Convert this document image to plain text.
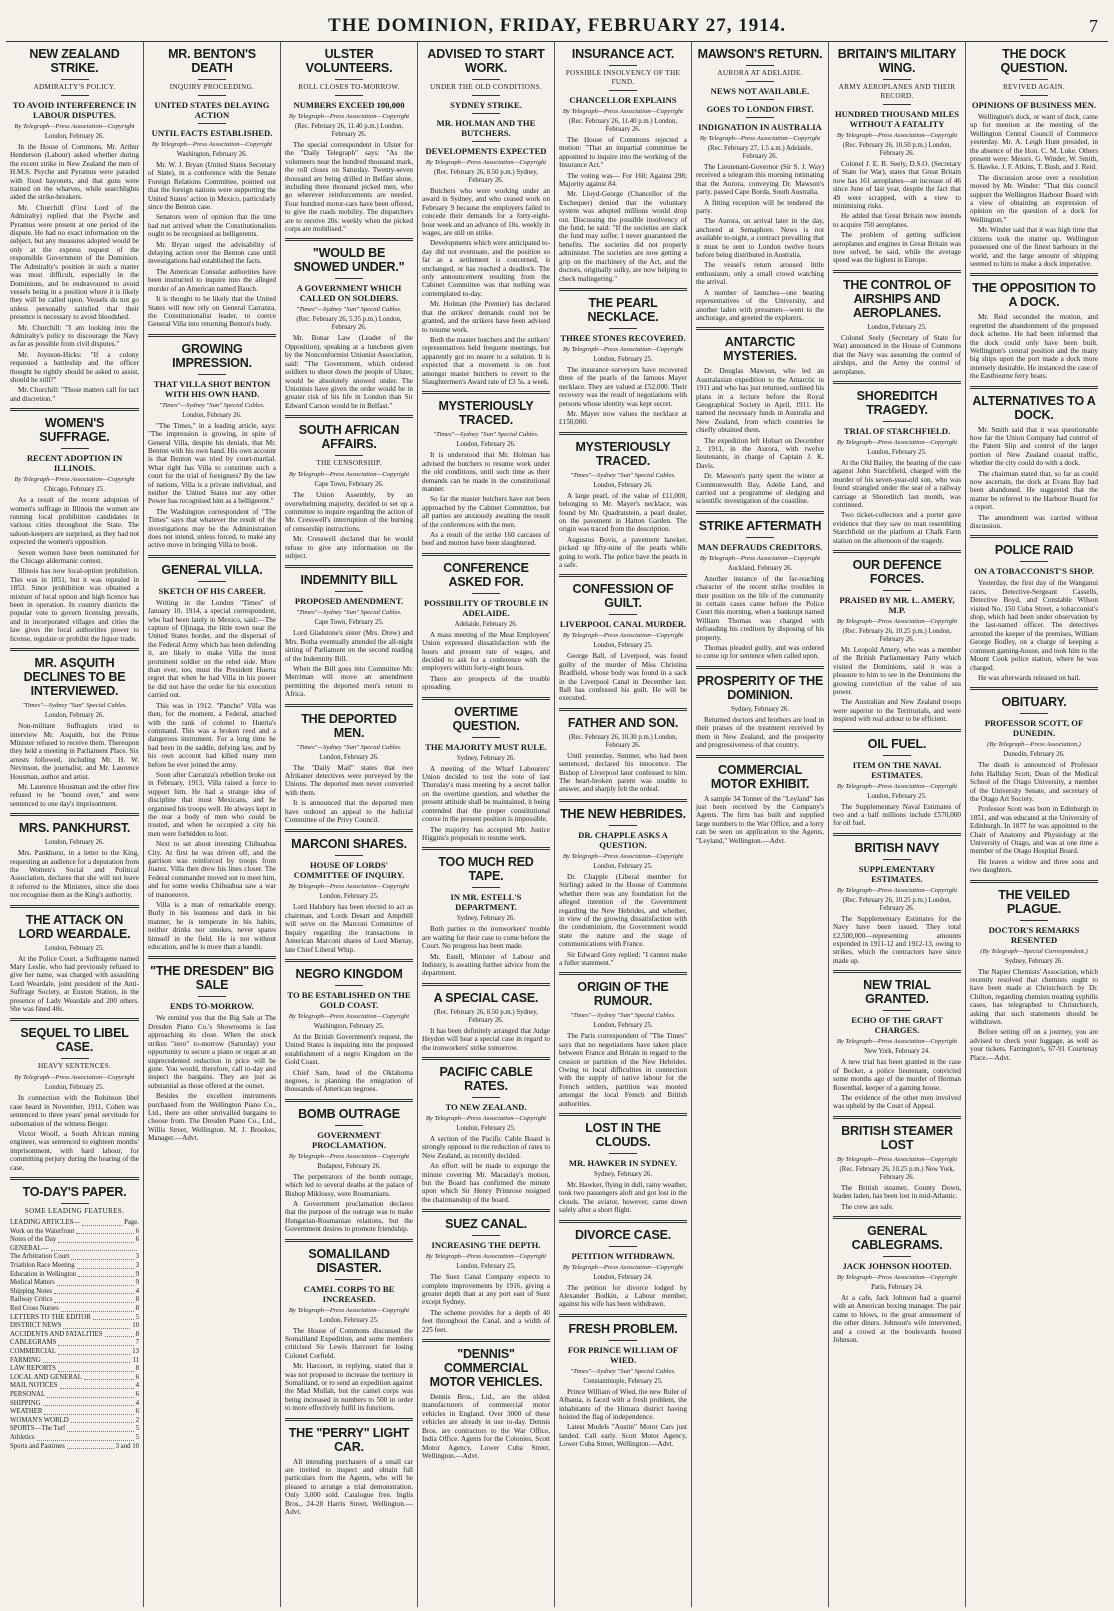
THE DOMINION, FRIDAY, FEBRUARY 27, 1914.	7
NEW ZEALAND STRIKE.
ADMIRALTY'S POLICY.
TO AVOID INTERFERENCE IN LABOUR DISPUTES.
By Telegraph—Press Association—Copyright
London, February 26.

In the House of Commons, Mr. Arthur Henderson (Labour) asked whether during the recent strike in New Zealand the men of H.M.S. Psyche and Pyramus were paraded with fixed bayonets, and that guns were trained on the wharves, while searchlights aided the strike-breakers.

Mr. Churchill (First Lord of the Admiralty) replied that the Psyche and Pyramus were present at one period of the dispute. He had no exact information on the subject, but any measures adopted would be only at the express request of the responsible Government of the Dominion. The Admiralty's position in such a matter was most difficult, especially in the Dominions, and he endeavoured to avoid vessels being in a position where it is likely they will be called upon. Vessels do not go unless personally satisfied that their presence is necessary to avoid bloodshed.

Mr. Churchill: "I am looking into the Admiralty's policy to discourage the Navy as far as possible from civil disputes."

Mr. Joynson-Hicks: "If a colony requested a battleship and the officer thought he rightly should be asked to assist, should he still?"

Mr. Churchill: "Those matters call for tact and discretion."

WOMEN'S SUFFRAGE.
RECENT ADOPTION IN ILLINOIS.
By Telegraph—Press Association—Copyright
Chicago, February 25.

As a result of the recent adoption of women's suffrage in Illinois the women are running local prohibition candidates in various cities throughout the State. The saloon-keepers are surprised, as they had not expected the women's opposition.

Seven women have been nominated for the Chicago aldermanic contest.

Illinois has now local-option prohibition. This was in 1851, but it was repealed in 1853. Since prohibition was obtained a mixture of local option and high licence has been in operation. In country districts the popular vote to govern licensing prevails, and in incorporated villages and cities the law gives the local authorities power to license, regulate or prohibit the liquor trade.

MR. ASQUITH DECLINES TO BE INTERVIEWED.
"Times"—Sydney "Sun" Special Cables.
London, February 26.

Non-militant Suffragists tried to interview Mr. Asquith, but the Prime Minister refused to receive them. Thereupon they held a meeting in Parliament Place. Six arrests followed, including Mr. H. W. Nevinson, the journalist, and Mr. Laurence Housman, author and artist.

Mr. Laurence Housman and the other five refused to be "bound over," and were sentenced to one day's imprisonment.

MRS. PANKHURST.
London, February 26.

Mrs. Pankhurst, in a letter to the King, requesting an audience for a deputation from the Women's Social and Political Association, declares that she will not leave it referred to the Ministers, since she does not recognise them as the King's authority.

THE ATTACK ON LORD WEARDALE.
London, February 25.

At the Police Court, a Suffragette named Mary Leslie, who had previously refused to give her name, was charged with assaulting Lord Weardale, joint president of the Anti-Suffrage Society, at Euston Station, in the presence of Lady Weardale and 200 others. She was fined 40s.

SEQUEL TO LIBEL CASE.
HEAVY SENTENCES.
By Telegraph—Press Association—Copyright
London, February 25.

In connection with the Robinson libel case heard in November, 1911, Cohen was sentenced to three years' penal servitude for subornation of the witness Berger.

Victor Woolf, a South African mining engineer, was sentenced to eighteen months' imprisonment, with hard labour, for committing perjury during the hearing of the case.

TO-DAY'S PAPER.
SOME LEADING FEATURES.
LEADING ARTICLES—	Page.
Work on the Waterfront	6
Notes of the Day	6
GENERAL—
The Arbitration Court	3
Triathlon Race Meeting	3
Education in Wellington	9
Medical Matters	9
Shipping Notes	4
Railway Critics	8
Red Cross Nurses	8
LETTERS TO THE EDITOR	5
DISTRICT NEWS	10
ACCIDENTS AND FATALITIES	8
CABLEGRAMS	7
COMMERCIAL	13
FARMING	11
LAW REPORTS	8
LOCAL AND GENERAL	6
MAIL NOTICES	4
PERSONAL	6
SHIPPING	4
WEATHER	6
WOMAN'S WORLD	2
SPORTS—The Turf	5
Athletics	5
Sports and Pastimes	3 and 10
MR. BENTON'S DEATH
INQUIRY PROCEEDING.
UNITED STATES DELAYING ACTION
UNTIL FACTS ESTABLISHED.
By Telegraph—Press Association—Copyright
Washington, February 26.

Mr. W. J. Bryan (United States Secretary of State), in a conference with the Senate Foreign Relations Committee, pointed out that the foreign nations were supporting the United States' action in Mexico, particularly since the Benton case.

Senators were of opinion that the time had not arrived when the Constitutionalists ought to be recognised as belligerents.

Mr. Bryan urged the advisability of delaying action over the Benton case until investigations had established the facts.

The American Consular authorities have been instructed to inquire into the alleged murder of an American named Bauch.

It is thought to be likely that the United States will now rely on General Carranza, the Constitutionalist leader, to coerce General Villa into returning Benton's body.

GROWING IMPRESSION.
THAT VILLA SHOT BENTON WITH HIS OWN HAND.
"Times"—Sydney "Sun" Special Cables.
London, February 26.

"The Times," in a leading article, says: "The impression is growing, in spite of General Villa, despite his denials, that Mr. Benton with his own hand. His own account is that Benton was tried by court-martial. What right has Villa to constitute such a court for the trial of foreigners? By the law of nations, Villa is a private individual, and neither the United States nor any other Power has recognised him as a belligerent."

The Washington correspondent of "The Times" says that whatever the result of the investigations may be the Administration does not intend, unless forced, to make any active move in bringing Villa to book.

GENERAL VILLA.
SKETCH OF HIS CAREER.

Writing in the London "Times" of January 10, 1914, a special correspondent, who had been lately in Mexico, said:—The capture of Ojinaga, the little town near the United States border, and the dispersal of the Federal Army which has been defending it, are likely to make Villa the most prominent soldier on the rebel side. More than ever, too, must the President Huerta regret that when he had Villa in his power he did not have the order for his execution carried out.

This was in 1912. "Pancho" Villa was then, for the moment, a Federal, attached with the rank of colonel to Huerta's command. This was a broken reed and a dangerous instrument. For a long time he had been in the saddle, defying law, and by his own account had killed many men before he ever joined the army.

Soon after Carranza's rebellion broke out in February, 1913, Villa raised a force to support him. He had a strange idea of discipline that most Mexicans, and he organised his troops well. He always kept in the rear a body of men who could be trusted, and when he occupied a city his men were forbidden to loot.

Next to set about investing Chihuahua City. At first he was driven off, and the garrison was reinforced by troops from Juarez. Villa then drew his lines closer. The Federal commander moved out to meet him, and for some weeks Chihuahua saw a war of manoeuvre.

Villa is a man of remarkable energy. Burly in his leanness and dark in his manner, he is temperate in his habits, neither drinks nor smokes, never spares himself in the field. He is not without education, and he is more than a bandit.

"THE DRESDEN" BIG SALE
ENDS TO-MORROW.

We remind you that the Big Sale at The Dresden Piano Co.'s Showrooms is fast approaching its close. When the stock strikes "zero" to-morrow (Saturday) your opportunity to secure a piano or organ at an unprecedented reduction in price will be gone. You would, therefore, call to-day and inspect the bargains. They are just as substantial as those offered at the outset.

Besides the excellent instruments purchased from the Wellington Piano Co., Ltd., there are other unrivalled bargains to choose from. The Dresden Piano Co., Ltd., Willis Street, Wellington. M. J. Brookes, Manager.—Advt.

ULSTER VOLUNTEERS.
ROLL CLOSES TO-MORROW.
NUMBERS EXCEED 100,000
By Telegraph—Press Association—Copyright
(Rec. February 26, 11.40 p.m.) London, February 26.

The special correspondent in Ulster for the "Daily Telegraph" says: "As the volunteers near the hundred thousand mark, the roll closes on Saturday. Twenty-seven thousand are being drilled in Belfast alone, including three thousand picked men, who go wherever reinforcements are needed. Four hundred motor-cars have been offered, to give the roads mobility. The dispatchers are to receive 20s. weekly when the picked corps are mobilised."

"WOULD BE SNOWED UNDER."
A GOVERNMENT WHICH CALLED ON SOLDIERS.
"Times"—Sydney "Sun" Special Cables.
(Rec. February 26, 5.35 p.m.) London, February 26.

Mr. Bonar Law (Leader of the Opposition), speaking at a luncheon given by the Nonconformist Unionist Association, said: "The Government, which ordered soldiers to shoot down the people of Ulster, would be absolutely snowed under. The Unionists have given the order would be in greater risk of his life in London than Sir Edward Carson would be in Belfast."

SOUTH AFRICAN AFFAIRS.
THE CENSORSHIP.
By Telegraph—Press Association—Copyright
Cape Town, February 26.

The Union Assembly, by an overwhelming majority, decided to set up a committee to inquire regarding the action of Mr. Cresswell's interruption of the burning of censorship instructions.

Mr. Cresswell declared that he would refuse to give any information on the subject.

INDEMNITY BILL
PROPOSED AMENDMENT.
"Times"—Sydney "Sun" Special Cables.
Cape Town, February 25.

Lord Gladstone's sister (Mrs. Drew) and Mrs. Botha eventually attended the all-night sitting of Parliament on the second reading of the Indemnity Bill.

When the Bill goes into Committee Mr. Merriman will move an amendment permitting the deported men's return to Africa.

THE DEPORTED MEN.
"Times"—Sydney "Sun" Special Cables.
London, February 26.

The "Daily Mail" states that two Afrikaner detectives were purveyed by the Unions. The deported men never converted with them.

It is announced that the deported men have ordered an appeal to the Judicial Committee of the Privy Council.

MARCONI SHARES.
HOUSE OF LORDS' COMMITTEE OF INQUIRY.
By Telegraph—Press Association—Copyright
London, February 25.

Lord Halsbury has been elected to act as chairman, and Lords Desart and Ampthill will serve on the Marconi Committee of Inquiry regarding the transactions in American Marconi shares of Lord Murray, late Chief Liberal Whip.

NEGRO KINGDOM
TO BE ESTABLISHED ON THE GOLD COAST.
By Telegraph—Press Association—Copyright
Washington, February 25.

At the British Government's request, the United States is inquiring into the proposed establishment of a negro Kingdom on the Gold Coast.

Chief Sam, head of the Oklahoma negroes, is planning the emigration of thousands of American negroes.

BOMB OUTRAGE
GOVERNMENT PROCLAMATION.
By Telegraph—Press Association—Copyright
Budapest, February 26.

The perpetrators of the bomb outrage, which led to several deaths at the palace of Bishop Miklossy, were Roumanians.

A Government proclamation declares that the purpose of the outrage was to make Hungarian-Roumanian relations, but the Government desires to promote friendship.

SOMALILAND DISASTER.
CAMEL CORPS TO BE INCREASED.
By Telegraph—Press Association—Copyright
London, February 25.

The House of Commons discussed the Somaliland Expedition, and some members criticised Sir Lewis Harcourt for losing Colonel Corfield.

Mr. Harcourt, in replying, stated that it was not proposed to increase the territory in Somaliland, or to send an expedition against the Mad Mullah, but the camel corps was being increased in numbers to 500 in order to more effectively fulfil its functions.

THE "PERRY" LIGHT CAR.

All intending purchasers of a small car are invited to inspect and obtain full particulars from the Agents, who will be pleased to arrange a trial demonstration. Only 3,000 sold. Catalogue free. Inglis Bros., 24-28 Harris Street, Wellington.—Advt.

ADVISED TO START WORK.
UNDER THE OLD CONDITIONS.
SYDNEY STRIKE.
MR. HOLMAN AND THE BUTCHERS.
DEVELOPMENTS EXPECTED
By Telegraph—Press Association—Copyright
(Rec. February 26, 8.50 p.m.) Sydney, February 26.

Butchers who were working under an award in Sydney, and who ceased work on February 9 because the employers failed to concede their demands for a forty-eight-hour week and an advance of 10s. weekly in wages, are still on strike.

Developments which were anticipated to-day did not eventuate, and the position so far as a settlement is concerned, is unchanged, or has reached a deadlock. The only announcement resulting from the Cabinet Committee was that nothing was contemplated to-day.

Mr. Holman (the Premier) has declared that the strikers' demands could not be granted, and the strikers have been advised to resume work.

Both the master butchers and the strikers' representatives held frequent meetings, but apparently got no nearer to a solution. It is expected that a movement is on foot amongst master butchers to revert to the Slaughtermen's Award rate of £3 5s. a week.

MYSTERIOUSLY TRACED.
"Times"—Sydney "Sun" Special Cables.
London, February 26.

It is understood that Mr. Holman has advised the butchers to resume work under the old conditions, until such time as their demands can be made in the constitutional manner.

So far the master butchers have not been approached by the Cabinet Committee, but all parties are anxiously awaiting the result of the conferences with the men.

As a result of the strike 160 carcases of beef and mutton have been slaughtered.

CONFERENCE ASKED FOR.
POSSIBILITY OF TROUBLE IN ADELAIDE.
Adelaide, February 26.

A mass meeting of the Meat Employees' Union expressed dissatisfaction with the hours and present rate of wages, and decided to ask for a conference with the employers within forty-eight hours.

There are prospects of the trouble spreading.

OVERTIME QUESTION.
THE MAJORITY MUST RULE.
Sydney, February 26.

A meeting of the Wharf Labourers' Union decided to test the vote of last Thursday's mass meeting by a secret ballot on the overtime question, and whether the present attitude shall be maintained, it being contended that the proper constitutional course in the present position is impossible.

The majority has accepted Mr. Justice Higgins's proposals to resume work.

TOO MUCH RED TAPE.
IN MR. ESTELL'S DEPARTMENT.
Sydney, February 26.

Both parties to the ironworkers' trouble are waiting for their case to come before the Court. No progress has been made.

Mr. Estell, Minister of Labour and Industry, is awaiting further advice from the department.

A SPECIAL CASE.
(Rec. February 26, 8.50 p.m.) Sydney, February 26.

It has been definitely arranged that Judge Heydon will hear a special case in regard to the ironworkers' strike tomorrow.

PACIFIC CABLE RATES.
TO NEW ZEALAND.
By Telegraph—Press Association—Copyright
London, February 25.

A section of the Pacific Cable Board is strongly opposed to the reduction of rates to New Zealand, as recently decided.

An effort will be made to expunge the minute covering Mr. Macaulay's motion, but the Board has confirmed the minute upon which Sir Henry Primrose resigned the chairmanship of the board.

SUEZ CANAL.
INCREASING THE DEPTH.
By Telegraph—Press Association—Copyright
London, February 25.

The Suez Canal Company expects to complete improvements by 1916, giving a greater depth than at any port east of Suez except Sydney.

The scheme provides for a depth of 40 feet throughout the Canal, and a width of 225 feet.

"DENNIS" COMMERCIAL MOTOR VEHICLES.

Dennis Bros., Ltd., are the oldest manufacturers of commercial motor vehicles in England. Over 3000 of these vehicles are already in use to-day. Dennis Bros. are contractors to the War Office, India Office. Agents for the Colonies, Scott Motor Agency, Lower Cuba Street, Wellington.—Advt.

INSURANCE ACT.
POSSIBLE INSOLVENCY OF THE FUND.
CHANCELLOR EXPLAINS
By Telegraph—Press Association—Copyright
(Rec. February 26, 11.40 p.m.) London, February 26.

The House of Commons rejected a motion: "That an impartial committee be appointed to inquire into the working of the Insurance Act."

The voting was— For 160; Against 298; Majority against 84.

Mr. Lloyd-George (Chancellor of the Exchequer) denied that the voluntary system was adopted millions would drop out. Discussing the possible insolvency of the fund, he said: "If the societies are slack the fund may suffer. I never guaranteed the benefits. The societies did not properly administer. The societies are now getting a grip on the machinery of the Act, and the doctors, originally sulky, are now helping to check malingering."

THE PEARL NECKLACE.
THREE STONES RECOVERED.
By Telegraph—Press Association—Copyright
London, February 25.

The insurance surveyors have recovered three of the pearls of the famous Mayer necklace. They are valued at £52,000. Their recovery was the result of negotiations with persons whose identity was kept secret.

Mr. Mayer now values the necklace at £150,000.

MYSTERIOUSLY TRACED.
"Times"—Sydney "Sun" Special Cables.
London, February 26.

A large pearl, of the value of £11,000, belonging to Mr. Mayer's necklace, was found by Mr. Quadratstein, a pearl dealer, on the pavement in Hatton Garden. The origin was traced from the description.

Augustus Bovis, a pavement hawker, picked up fifty-nine of the pearls while going to work. The police have the pearls in a safe.

CONFESSION OF GUILT.
LIVERPOOL CANAL MURDER.
By Telegraph—Press Association—Copyright
London, February 25.

George Ball, of Liverpool, was found guilty of the murder of Miss Christina Bradfield, whose body was found in a sack in the Liverpool Canal in December last. Ball has confessed his guilt. He will be executed.

FATHER AND SON.
(Rec. February 26, 10.30 p.m.) London, February 26.

Until yesterday, Sumner, who had been sentenced, declared his innocence. The Bishop of Liverpool later confessed to him. The heart-broken parent was unable to answer, and sharply felt the ordeal.

THE NEW HEBRIDES.
DR. CHAPPLE ASKS A QUESTION.
By Telegraph—Press Association—Copyright
London, February 25.

Dr. Chapple (Liberal member for Stirling) asked in the House of Commons whether there was any foundation for the alleged intention of the Government regarding the New Hebrides, and whether, in view of the growing dissatisfaction with the condominium, the Government would state the nature and the stage of communications with France.

Sir Edward Grey replied: "I cannot make a fuller statement."

ORIGIN OF THE RUMOUR.
"Times"—Sydney "Sun" Special Cables.
London, February 25.

The Paris correspondent of "The Times" says that no negotiations have taken place between France and Britain in regard to the cession or partition of the New Hebrides. Owing to local difficulties in connection with the supply of native labour for the French settlers, partition was mooted amongst the local French and British authorities.

LOST IN THE CLOUDS.
MR. HAWKER IN SYDNEY.
Sydney, February 26.

Mr. Hawker, flying in dull, rainy weather, took two passengers aloft and got lost in the clouds. The aviator, however, came down safely after a short flight.

DIVORCE CASE.
PETITION WITHDRAWN.
By Telegraph—Press Association—Copyright
London, February 24.

The petition for divorce lodged by Alexander Bodkin, a Labour member, against his wife has been withdrawn.

FRESH PROBLEM.
FOR PRINCE WILLIAM OF WIED.
"Times"—Sydney "Sun" Special Cables.
Constantinople, February 25.

Prince William of Wied, the new Ruler of Albania, is faced with a fresh problem, the inhabitants of the Himara district having hoisted the flag of independence.

Latest Models "Austin" Motor Cars just landed. Call early. Scott Motor Agency, Lower Cuba Street, Wellington.—Advt.

MAWSON'S RETURN.
AURORA AT ADELAIDE.
NEWS NOT AVAILABLE.
GOES TO LONDON FIRST.
INDIGNATION IN AUSTRALIA
By Telegraph—Press Association—Copyright
(Rec. February 27, 1.5 a.m.) Adelaide, February 26.

The Lieutenant-Governor (Sir S. J. Way) received a telegram this morning intimating that the Aurora, conveying Dr. Mawson's party, passed Cape Borda, South Australia.

A fitting reception will be tendered the party.

The Aurora, on arrival later in the day, anchored at Semaphore. News is not available to-night, a contract prevailing that it must be sent to London twelve hours before being distributed in Australia.

The vessel's return aroused little enthusiasm, only a small crowd watching the arrival.

A number of launches—one bearing representatives of the University, and another laden with pressmen—went to the anchorage, and greeted the explorers.

ANTARCTIC MYSTERIES.

Dr. Douglas Mawson, who led an Australasian expedition to the Antarctic in 1911 and who has just returned, outlined his plans in a lecture before the Royal Geographical Society in April, 1911. He named the necessary funds in Australia and New Zealand, from which countries he chiefly obtained them.

The expedition left Hobart on December 2, 1911, in the Aurora, with twelve lieutenants, in charge of Captain J. K. Davis.

Dr. Mawson's party spent the winter at Commonwealth Bay, Adelie Land, and carried out a programme of sledging and scientific investigation of the coastline.

STRIKE AFTERMATH
MAN DEFRAUDS CREDITORS.
By Telegraph—Press Association—Copyright
Auckland, February 26.

Another instance of the far-reaching character of the recent strike troubles in their position on the life of the community in certain cases came before the Police Court this morning, when a bankrupt named William Thomas was charged with defrauding his creditors by disposing of his property.

Thomas pleaded guilty, and was ordered to come up for sentence when called upon.

PROSPERITY OF THE DOMINION.
Sydney, February 26.

Returned doctors and brothers are loud in their praises of the treatment received by them in New Zealand, and the prosperity and progressiveness of that country.

COMMERCIAL MOTOR EXHIBIT.

A sample 34 Tonner of the "Leyland" has just been received by the Company's Agents. The firm has built and supplied large numbers to the War Office, and a lorry can be seen on application to the Agents, "Leyland," Wellington.—Advt.

BRITAIN'S MILITARY WING.
ARMY AEROPLANES AND THEIR RECORD.
HUNDRED THOUSAND MILES WITHOUT A FATALITY
By Telegraph—Press Association—Copyright
(Rec. February 26, 10.50 p.m.) London, February 26.

Colonel J. E. B. Seely, D.S.O. (Secretary of State for War), states that Great Britain now has 161 aeroplanes—an increase of 46 since June of last year, despite the fact that 49 were scrapped, with a view to minimising risks.

He added that Great Britain now intends to acquire 750 aeroplanes.

The problem of getting sufficient aeroplanes and engines in Great Britain was now solved, he said, while the average speed was the highest in Europe.

THE CONTROL OF AIRSHIPS AND AEROPLANES.
London, February 25.

Colonel Seely (Secretary of State for War) announced in the House of Commons that the Navy was assuming the control of airships, and the Army the control of aeroplanes.

SHOREDITCH TRAGEDY.
TRIAL OF STARCHFIELD.
By Telegraph—Press Association—Copyright
London, February 25.

At the Old Bailey, the hearing of the case against John Starchfield, charged with the murder of his seven-year-old son, who was found strangled under the seat of a railway carriage at Shoreditch last month, was continued.

Two ticket-collectors and a porter gave evidence that they saw no man resembling Starchfield on the platform at Chalk Farm station on the afternoon of the tragedy.

OUR DEFENCE FORCES.
PRAISED BY MR. L. AMERY, M.P.
By Telegraph—Press Association—Copyright
(Rec. February 26, 10.25 p.m.) London, February 26.

Mr. Leopold Amery, who was a member of the British Parliamentary Party which visited the Dominions, said it was a pleasure to him to see in the Dominions the growing conviction of the value of sea power.

The Australian and New Zealand troops were superior to the Territorials, and were inspired with real ardour to be efficient.

OIL FUEL.
ITEM ON THE NAVAL ESTIMATES.
By Telegraph—Press Association—Copyright
London, February 25.

The Supplementary Naval Estimates of two and a half millions include £570,000 for oil fuel.

BRITISH NAVY
SUPPLEMENTARY ESTIMATES.
By Telegraph—Press Association—Copyright
(Rec. February 26, 10.25 p.m.) London, February 26.

The Supplementary Estimates for the Navy have been issued. They total £2,500,000—representing amounts expended in 1911-12 and 1912-13, owing to strikes, which the contractors have since made up.

NEW TRIAL GRANTED.
ECHO OF THE GRAFT CHARGES.
By Telegraph—Press Association—Copyright
New York, February 24.

A new trial has been granted in the case of Becker, a police lieutenant, convicted some months ago of the murder of Herman Rosenthal, keeper of a gaming house.

The evidence of the other men involved was upheld by the Court of Appeal.

BRITISH STEAMER LOST
By Telegraph—Press Association—Copyright
(Rec. February 26, 10.25 p.m.) New York, February 26.

The British steamer, County Down, leaden laden, has been lost in mid-Atlantic.

The crew are safe.

GENERAL CABLEGRAMS.
JACK JOHNSON HOOTED.
By Telegraph—Press Association—Copyright
Paris, February 24.

At a cafe, Jack Johnson had a quarrel with an American boxing manager. The pair came to blows, to the great amusement of the other diners. Johnson's wife intervened, and a crowd at the boulevards hooted Johnson.

THE DOCK QUESTION.
REVIVED AGAIN.
OPINIONS OF BUSINESS MEN.

Wellington's dock, or want of dock, came up for mention at the meeting of the Wellington Central Council of Commerce yesterday. Mr. A. Leigh Hunt presided, in the absence of the Hon. C. M. Luke. Others present were: Messrs. G. Winder, W. Smith, S. Hawke, J. F. Atkins, T. Bush, and J. Reid.

The discussion arose over a resolution moved by Mr. Winder: "That this council support the Wellington Harbour Board with a view of obtaining an expression of opinion on the question of a dock for Wellington."

Mr. Winder said that it was high time that citizens took the matter up. Wellington possessed one of the finest harbours in the world, and the large amount of shipping seemed to him to make a dock imperative.

THE OPPOSITION TO A DOCK.

Mr. Reid seconded the motion, and regretted the abandonment of the proposed dock scheme. He had been informed that the dock could only have been built. Wellington's central position and the many big ships upon the port made a dock more intensely desirable. He instanced the case of the Eastbourne ferry boats.

ALTERNATIVES TO A DOCK.

Mr. Smith said that it was questionable how far the Union Company had control of the Patent Slip and control of the larger portion of New Zealand coastal traffic, whether the city could do with a dock.

The chairman stated that, so far as could now ascertain, the dock at Evans Bay had been abandoned. He suggested that the matter be referred to the Harbour Board for a report.

The amendment was carried without discussion.

POLICE RAID
ON A TOBACCONIST'S SHOP.

Yesterday, the first day of the Wanganui races, Detective-Sergeant Cassells, Detective Boyd, and Constable Wilson visited No. 150 Cuba Street, a tobacconist's shop, which had been under observation by the last-named officer. The detectives arrested the keeper of the premises, William George Bodley, on a charge of keeping a common gaming-house, and took him to the Mount Cook police station, where he was charged.

He was afterwards released on bail.

OBITUARY.
PROFESSOR SCOTT, OF DUNEDIN.
(By Telegraph—Press Association.)
Dunedin, February 26.

The death is announced of Professor John Halliday Scott, Dean of the Medical School of the Otago University, a member of the University Senate, and secretary of the Otago Art Society.

Professor Scott was born in Edinburgh in 1851, and was educated at the University of Edinburgh. In 1877 he was appointed to the Chair of Anatomy and Physiology at the University of Otago, and was at one time a member of the Otago Hospital Board.

He leaves a widow and three sons and two daughters.

THE VEILED PLAGUE.
DOCTOR'S REMARKS RESENTED
(By Telegraph—Special Correspondent.)
Sydney, February 26.

The Napier Chemists' Association, which recently resolved that chemists ought to have been made at Christchurch by Dr. Chilton, regarding chemists treating syphilis cases, has telegraphed to Christchurch, asking that such statements should be withdrawn.

Before setting off on a journey, you are advised to check your luggage, as well as your tickets. Farrington's, 67-91 Courtenay Place.—Advt.
